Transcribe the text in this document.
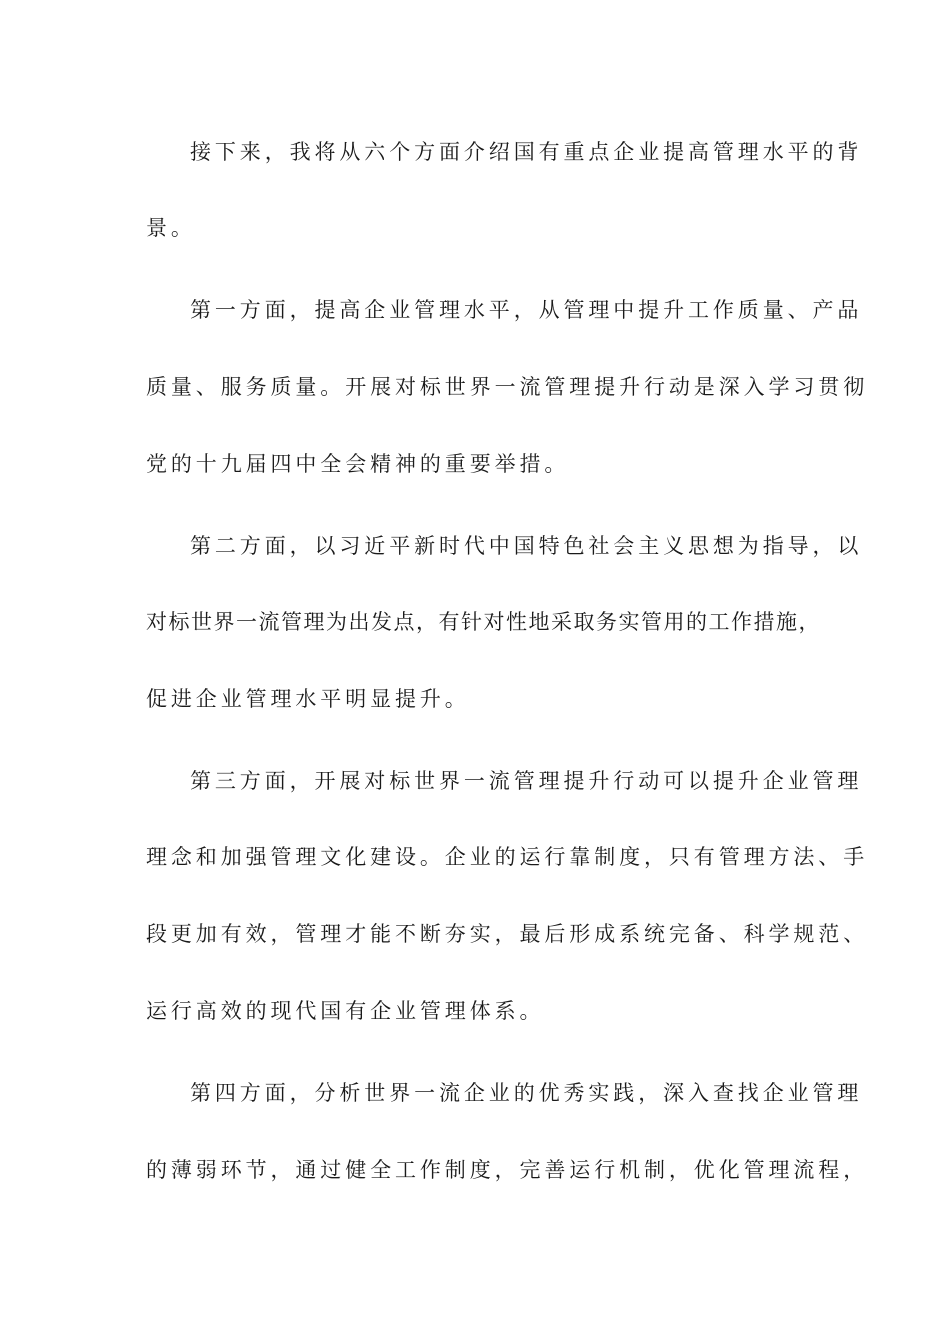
接下来，我将从六个方面介绍国有重点企业提高管理水平的背
景。
第一方面，提高企业管理水平，从管理中提升工作质量、产品
质量、服务质量。开展对标世界一流管理提升行动是深入学习贯彻
党的十九届四中全会精神的重要举措。
第二方面，以习近平新时代中国特色社会主义思想为指导，以
对标世界一流管理为出发点，有针对性地采取务实管用的工作措施，
促进企业管理水平明显提升。
第三方面，开展对标世界一流管理提升行动可以提升企业管理
理念和加强管理文化建设。企业的运行靠制度，只有管理方法、手
段更加有效，管理才能不断夯实，最后形成系统完备、科学规范、
运行高效的现代国有企业管理体系。
第四方面，分析世界一流企业的优秀实践，深入查找企业管理
的薄弱环节，通过健全工作制度，完善运行机制，优化管理流程，
